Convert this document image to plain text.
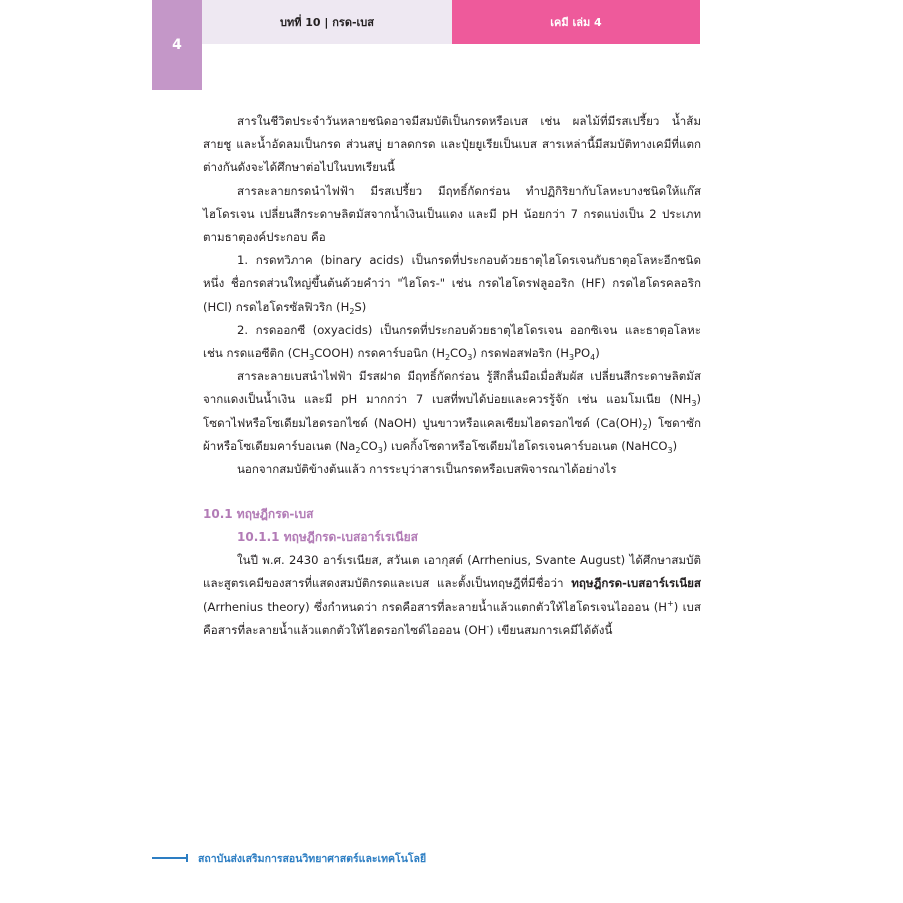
4
บทที่ 10 | กรด-เบส	เคมี เล่ม 4

สารในชีวิตประจำวันหลายชนิดอาจมีสมบัติเป็นกรดหรือเบส เช่น ผลไม้ที่มีรสเปรี้ยว น้ำส้มสายชู และน้ำอัดลมเป็นกรด ส่วนสบู่ ยาลดกรด และปุ๋ยยูเรียเป็นเบส สารเหล่านี้มีสมบัติทางเคมีที่แตกต่างกันดังจะได้ศึกษาต่อไปในบทเรียนนี้

สารละลายกรดนำไฟฟ้า มีรสเปรี้ยว มีฤทธิ์กัดกร่อน ทำปฏิกิริยากับโลหะบางชนิดให้แก๊สไฮโดรเจน เปลี่ยนสีกระดาษลิตมัสจากน้ำเงินเป็นแดง และมี pH น้อยกว่า 7 กรดแบ่งเป็น 2 ประเภทตามธาตุองค์ประกอบ คือ

1. กรดทวิภาค (binary acids) เป็นกรดที่ประกอบด้วยธาตุไฮโดรเจนกับธาตุอโลหะอีกชนิดหนึ่ง ชื่อกรดส่วนใหญ่ขึ้นต้นด้วยคำว่า "ไฮโดร-" เช่น กรดไฮโดรฟลูออริก (HF) กรดไฮโดรคลอริก (HCl) กรดไฮโดรซัลฟิวริก $(H_2S)$

2. กรดออกซี (oxyacids) เป็นกรดที่ประกอบด้วยธาตุไฮโดรเจน ออกซิเจน และธาตุอโลหะ เช่น กรดแอซีติก $(CH_3COOH)$ กรดคาร์บอนิก $(H_2CO_3)$ กรดฟอสฟอริก $(H_3PO_4)$

สารละลายเบสนำไฟฟ้า มีรสฝาด มีฤทธิ์กัดกร่อน รู้สึกลื่นมือเมื่อสัมผัส เปลี่ยนสีกระดาษลิตมัสจากแดงเป็นน้ำเงิน และมี pH มากกว่า 7 เบสที่พบได้บ่อยและควรรู้จัก เช่น แอมโมเนีย $(NH_3)$ โซดาไฟหรือโซเดียมไฮดรอกไซด์ (NaOH) ปูนขาวหรือแคลเซียมไฮดรอกไซด์ $(Ca(OH)_2)$ โซดาซักผ้าหรือโซเดียมคาร์บอเนต $(Na_2CO_3)$ เบคกิ้งโซดาหรือโซเดียมไฮโดรเจนคาร์บอเนต (NaHCO$_3$)

นอกจากสมบัติข้างต้นแล้ว การระบุว่าสารเป็นกรดหรือเบสพิจารณาได้อย่างไร

10.1 ทฤษฎีกรด-เบส

10.1.1 ทฤษฎีกรด-เบสอาร์เรเนียส

ในปี พ.ศ. 2430 อาร์เรเนียส, สวันเต เอากุสต์ (Arrhenius, Svante August) ได้ศึกษาสมบัติและสูตรเคมีของสารที่แสดงสมบัติกรดและเบส และตั้งเป็นทฤษฎีที่มีชื่อว่า ทฤษฎีกรด-เบสอาร์เรเนียส (Arrhenius theory) ซึ่งกำหนดว่า กรดคือสารที่ละลายน้ำแล้วแตกตัวให้ไฮโดรเจนไอออน (H+) เบสคือสารที่ละลายน้ำแล้วแตกตัวให้ไฮดรอกไซด์ไอออน (OH-) เขียนสมการเคมีได้ดังนี้

สถาบันส่งเสริมการสอนวิทยาศาสตร์และเทคโนโลยี
